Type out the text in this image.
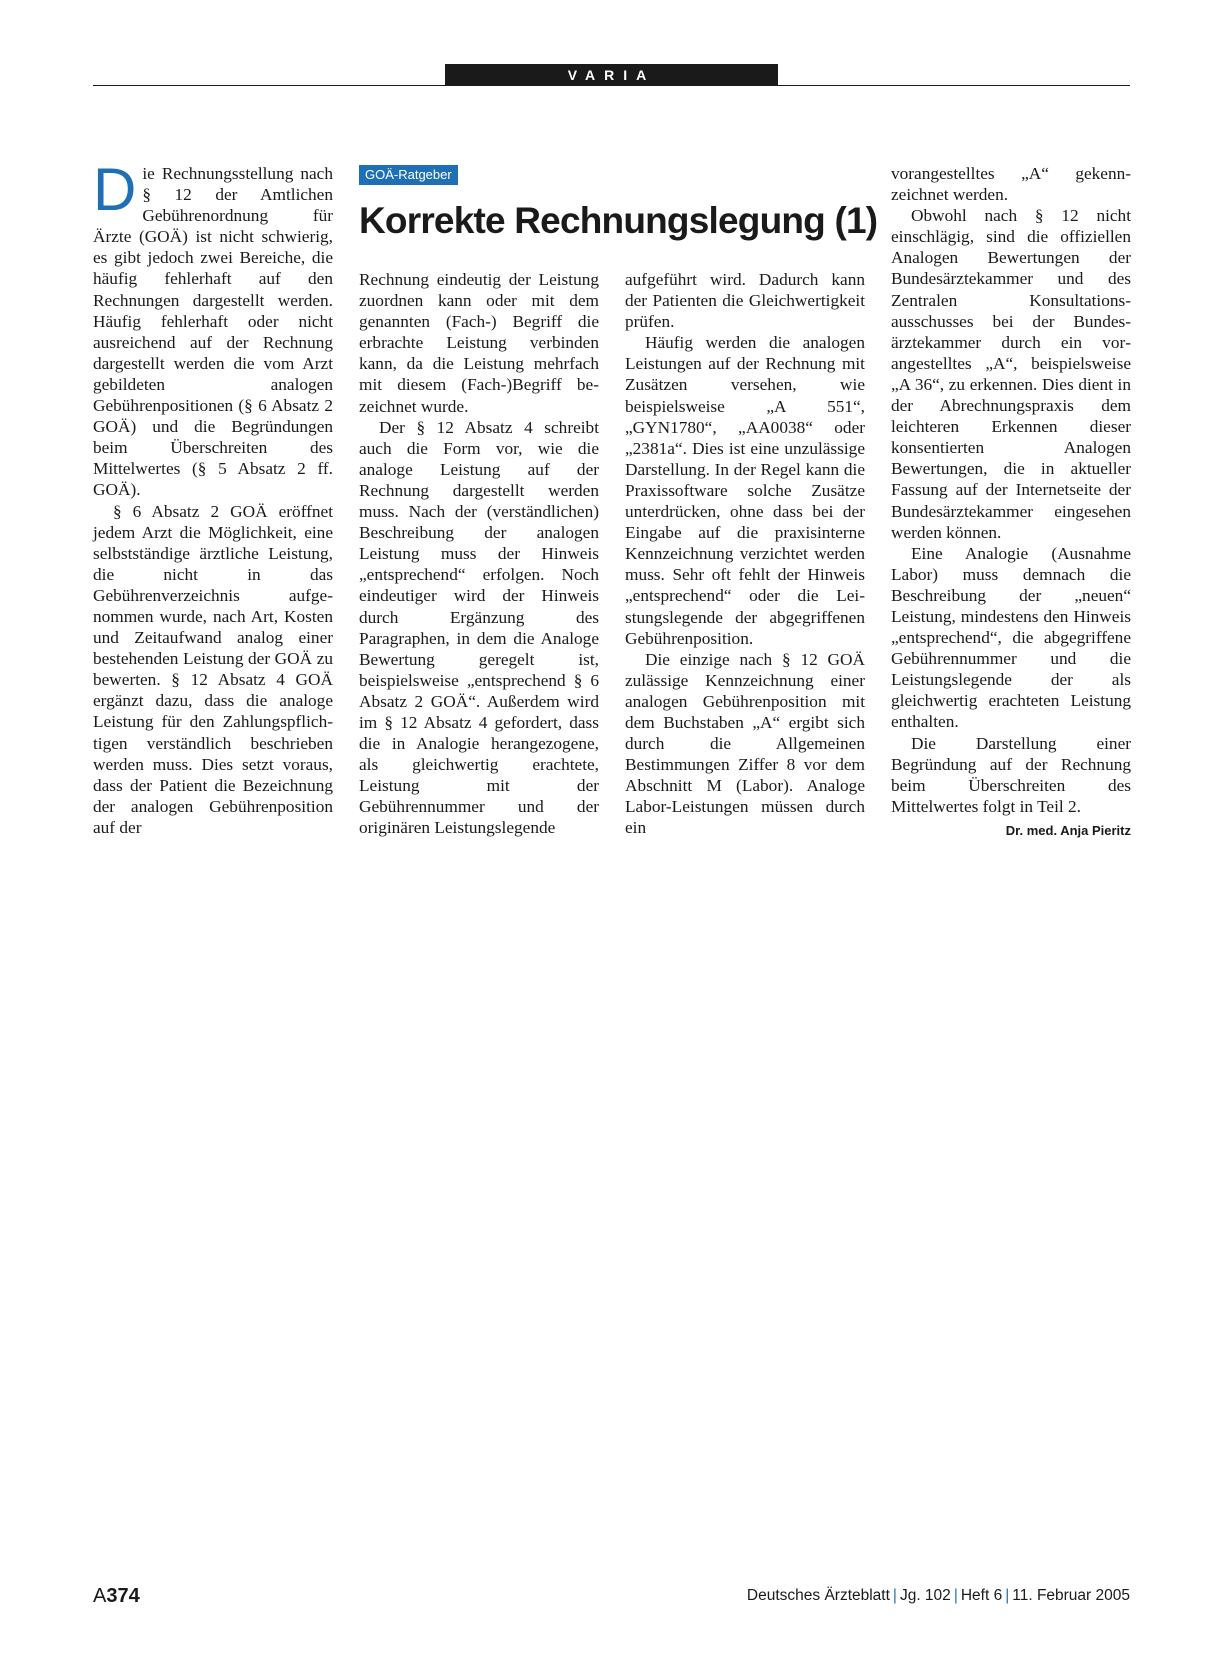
VARIA
GOÄ-Ratgeber
Korrekte Rechnungslegung (1)
D ie Rechnungsstellung nach § 12 der Amtlichen Gebührenordnung für Ärzte (GOÄ) ist nicht schwierig, es gibt jedoch zwei Bereiche, die häufig fehlerhaft auf den Rechnungen dargestellt werden. Häufig fehlerhaft oder nicht ausreichend auf der Rechnung dargestellt werden die vom Arzt gebildeten analogen Gebührenpositionen (§ 6 Absatz 2 GOÄ) und die Begründungen beim Überschreiten des Mittelwertes (§ 5 Absatz 2 ff. GOÄ).

§ 6 Absatz 2 GOÄ eröffnet jedem Arzt die Möglichkeit, eine selbstständige ärztliche Leistung, die nicht in das Gebührenverzeichnis aufgenommen wurde, nach Art, Kosten und Zeitaufwand analog einer bestehenden Leistung der GOÄ zu bewerten. § 12 Absatz 4 GOÄ ergänzt dazu, dass die analoge Leistung für den Zahlungspflichtigen verständlich beschrieben werden muss. Dies setzt voraus, dass der Patient die Bezeichnung der analogen Gebührenposition auf der

Rechnung eindeutig der Leistung zuordnen kann oder mit dem genannten (Fach-) Begriff die erbrachte Leistung verbinden kann, da die Leistung mehrfach mit diesem (Fach-)Begriff bezeichnet wurde.

Der § 12 Absatz 4 schreibt auch die Form vor, wie die analoge Leistung auf der Rechnung dargestellt werden muss. Nach der (verständlichen) Beschreibung der analogen Leistung muss der Hinweis „entsprechend“ erfolgen. Noch eindeutiger wird der Hinweis durch Ergänzung des Paragraphen, in dem die Analoge Bewertung geregelt ist, beispielsweise „entsprechend § 6 Absatz 2 GOÄ“. Außerdem wird im § 12 Absatz 4 gefordert, dass die in Analogie herangezogene, als gleichwertig erachtete, Leistung mit der Gebührennummer und der originären Leistungslegende

aufgeführt wird. Dadurch kann der Patienten die Gleichwertigkeit prüfen.

Häufig werden die analogen Leistungen auf der Rechnung mit Zusätzen versehen, wie beispielsweise „A 551“, „GYN1780“, „AA0038“ oder „2381a“. Dies ist eine unzulässige Darstellung. In der Regel kann die Praxissoftware solche Zusätze unterdrücken, ohne dass bei der Eingabe auf die praxisinterne Kennzeichnung verzichtet werden muss. Sehr oft fehlt der Hinweis „entsprechend“ oder die Leistungslegende der abgegriffenen Gebührenposition.

Die einzige nach § 12 GOÄ zulässige Kennzeichnung einer analogen Gebührenposition mit dem Buchstaben „A“ ergibt sich durch die Allgemeinen Bestimmungen Ziffer 8 vor dem Abschnitt M (Labor). Analoge Labor-Leistungen müssen durch ein

vorangestelltes „A“ gekennzeichnet werden.

Obwohl nach § 12 nicht einschlägig, sind die offiziellen Analogen Bewertungen der Bundesärztekammer und des Zentralen Konsultationsausschusses bei der Bundesärztekammer durch ein vorangestelltes „A“, beispielsweise „A 36“, zu erkennen. Dies dient in der Abrechnungspraxis dem leichteren Erkennen dieser konsentierten Analogen Bewertungen, die in aktueller Fassung auf der Internetseite der Bundesärztekammer eingesehen werden können.

Eine Analogie (Ausnahme Labor) muss demnach die Beschreibung der „neuen“ Leistung, mindestens den Hinweis „entsprechend“, die abgegriffene Gebührennummer und die Leistungslegende der als gleichwertig erachteten Leistung enthalten.

Die Darstellung einer Begründung auf der Rechnung beim Überschreiten des Mittelwertes folgt in Teil 2.
Dr. med. Anja Pieritz

A374	Deutsches Ärzteblatt | Jg. 102 | Heft 6 | 11. Februar 2005
